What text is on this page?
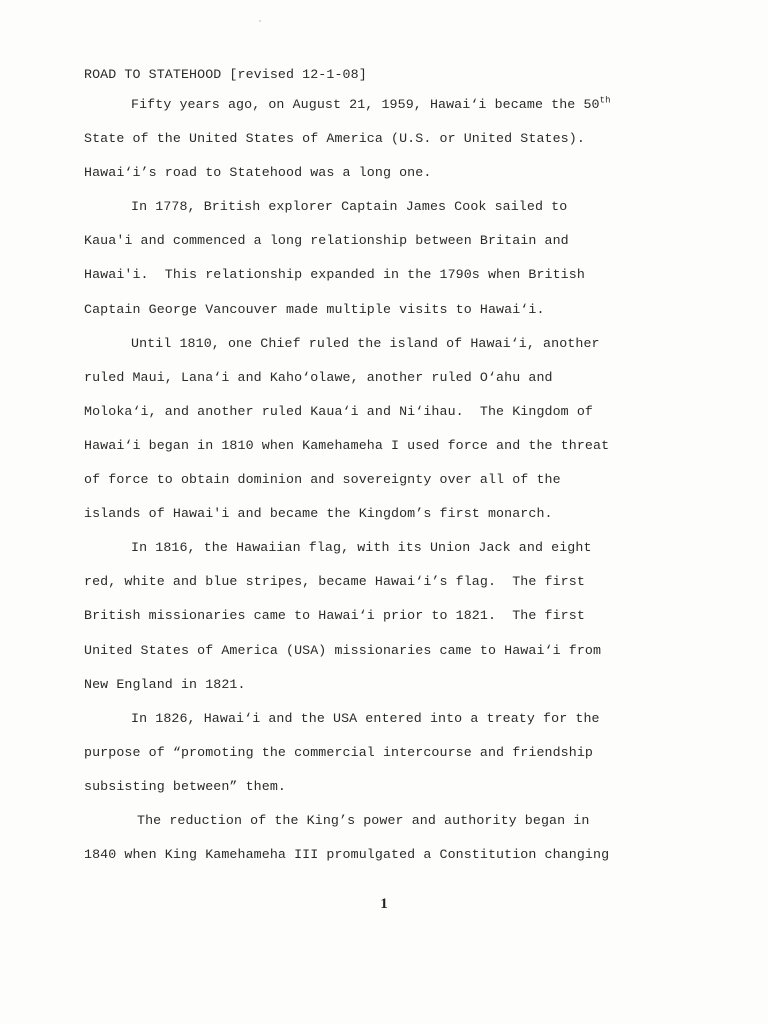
ROAD TO STATEHOOD [revised 12-1-08]

Fifty years ago, on August 21, 1959, Hawai‘i became the 50th
State of the United States of America (U.S. or United States).
Hawai‘i’s road to Statehood was a long one.

In 1778, British explorer Captain James Cook sailed to
Kaua'i and commenced a long relationship between Britain and
Hawai'i.  This relationship expanded in the 1790s when British
Captain George Vancouver made multiple visits to Hawai‘i.

Until 1810, one Chief ruled the island of Hawai‘i, another
ruled Maui, Lana‘i and Kaho‘olawe, another ruled O‘ahu and
Moloka‘i, and another ruled Kaua‘i and Ni‘ihau.  The Kingdom of
Hawai‘i began in 1810 when Kamehameha I used force and the threat
of force to obtain dominion and sovereignty over all of the
islands of Hawai'i and became the Kingdom’s first monarch.

In 1816, the Hawaiian flag, with its Union Jack and eight
red, white and blue stripes, became Hawai‘i’s flag.  The first
British missionaries came to Hawai‘i prior to 1821.  The first
United States of America (USA) missionaries came to Hawai‘i from
New England in 1821.

In 1826, Hawai‘i and the USA entered into a treaty for the
purpose of “promoting the commercial intercourse and friendship
subsisting between” them.

The reduction of the King’s power and authority began in
1840 when King Kamehameha III promulgated a Constitution changing

1
